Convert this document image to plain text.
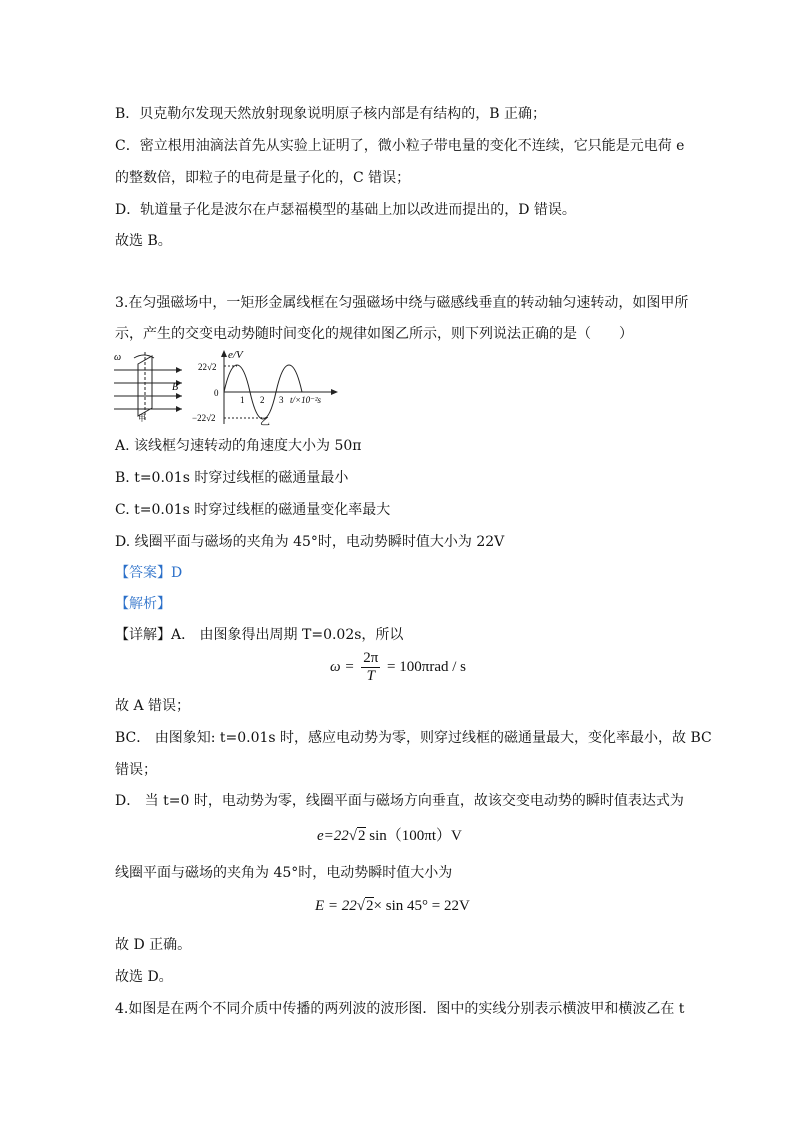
B．贝克勒尔发现天然放射现象说明原子核内部是有结构的，B 正确；
C．密立根用油滴法首先从实验上证明了，微小粒子带电量的变化不连续，它只能是元电荷 e
的整数倍，即粒子的电荷是量子化的，C 错误；
D．轨道量子化是波尔在卢瑟福模型的基础上加以改进而提出的，D 错误。
故选 B。
3.在匀强磁场中，一矩形金属线框在匀强磁场中绕与磁感线垂直的转动轴匀速转动，如图甲所
示，产生的交变电动势随时间变化的规律如图乙所示，则下列说法正确的是（　　）
ω
B
甲
e/V
22√2
0
−22√2
1 2 3 t/×10⁻²s
乙
A. 该线框匀速转动的角速度大小为 50π
B. t=0.01s 时穿过线框的磁通量最小
C. t=0.01s 时穿过线框的磁通量变化率最大
D. 线圈平面与磁场的夹角为 45°时，电动势瞬时值大小为 22V
【答案】D
【解析】
【详解】A． 由图象得出周期 T=0.02s，所以
$\omega = \frac{2\pi}{T} = 100\pi rad / s$
故 A 错误；
BC． 由图象知: t=0.01s 时，感应电动势为零，则穿过线框的磁通量最大，变化率最小，故 BC
错误；
D． 当 t=0 时，电动势为零，线圈平面与磁场方向垂直，故该交变电动势的瞬时值表达式为
e=22√2 sin（100πt）V
线圈平面与磁场的夹角为 45°时，电动势瞬时值大小为
E = 22√2× sin 45° = 22V
故 D 正确。
故选 D。
4.如图是在两个不同介质中传播的两列波的波形图．图中的实线分别表示横波甲和横波乙在 t
